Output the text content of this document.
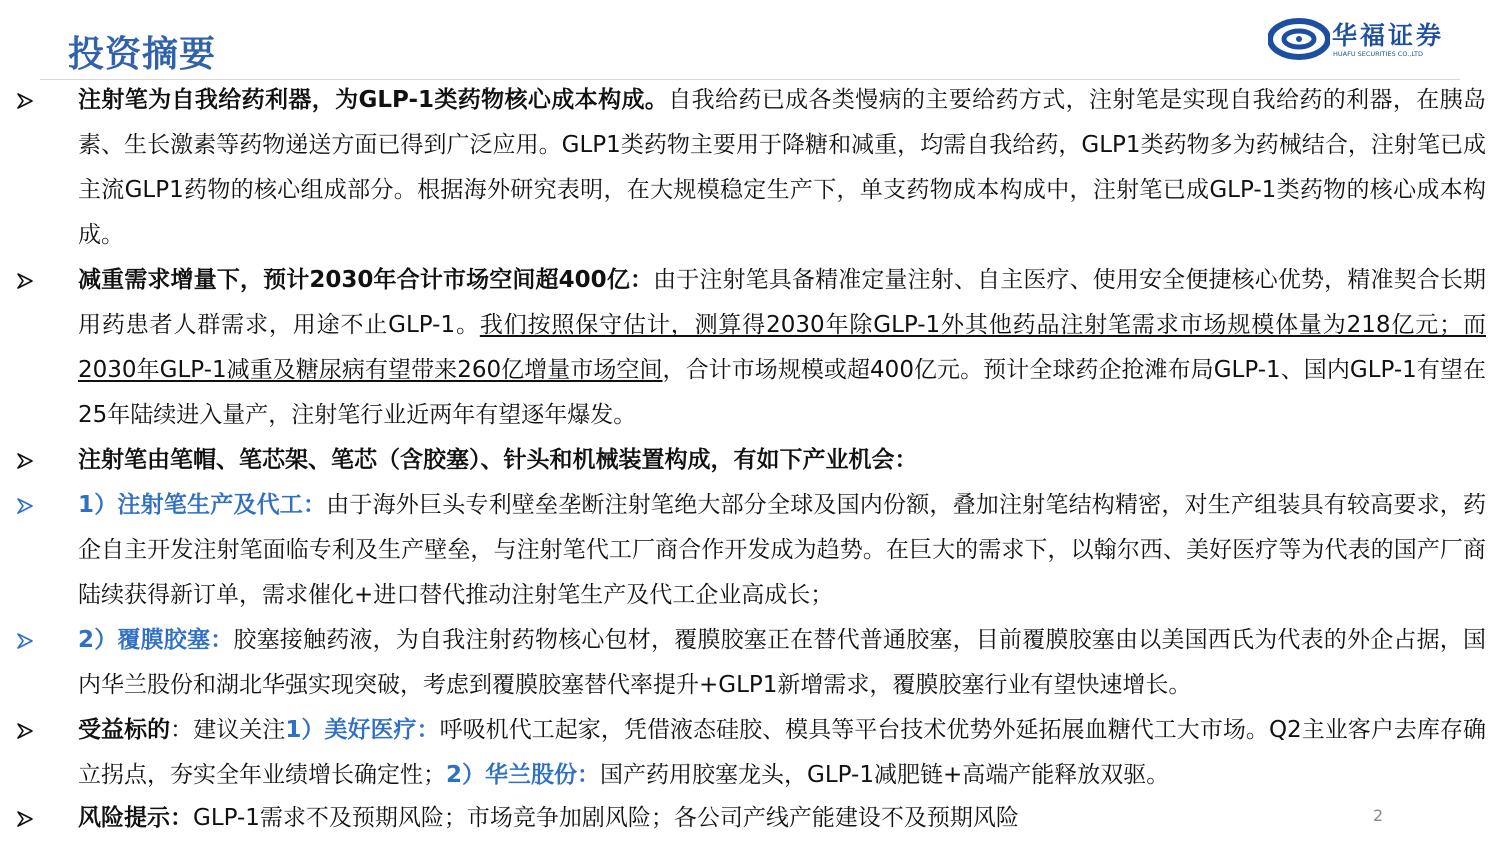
投资摘要	华福证券
HUAFU SECURITIES CO.,LTD

注射笔为自我给药利器，为GLP-1类药物核心成本构成。自我给药已成各类慢病的主要给药方式，注射笔是实现自我给药的利器，在胰岛素、生长激素等药物递送方面已得到广泛应用。GLP1类药物主要用于降糖和减重，均需自我给药，GLP1类药物多为药械结合，注射笔已成主流GLP1药物的核心组成部分。根据海外研究表明，在大规模稳定生产下，单支药物成本构成中，注射笔已成GLP-1类药物的核心成本构成。

减重需求增量下，预计2030年合计市场空间超400亿：由于注射笔具备精准定量注射、自主医疗、使用安全便捷核心优势，精准契合长期用药患者人群需求，用途不止GLP-1。我们按照保守估计，测算得2030年除GLP-1外其他药品注射笔需求市场规模体量为218亿元；而2030年GLP-1减重及糖尿病有望带来260亿增量市场空间，合计市场规模或超400亿元。预计全球药企抢滩布局GLP-1、国内GLP-1有望在25年陆续进入量产，注射笔行业近两年有望逐年爆发。

注射笔由笔帽、笔芯架、笔芯（含胶塞）、针头和机械装置构成，有如下产业机会：

1）注射笔生产及代工：由于海外巨头专利壁垒垄断注射笔绝大部分全球及国内份额，叠加注射笔结构精密，对生产组装具有较高要求，药企自主开发注射笔面临专利及生产壁垒，与注射笔代工厂商合作开发成为趋势。在巨大的需求下，以翰尔西、美好医疗等为代表的国产厂商陆续获得新订单，需求催化+进口替代推动注射笔生产及代工企业高成长；

2）覆膜胶塞：胶塞接触药液，为自我注射药物核心包材，覆膜胶塞正在替代普通胶塞，目前覆膜胶塞由以美国西氏为代表的外企占据，国内华兰股份和湖北华强实现突破，考虑到覆膜胶塞替代率提升+GLP1新增需求，覆膜胶塞行业有望快速增长。

受益标的：建议关注1）美好医疗：呼吸机代工起家，凭借液态硅胶、模具等平台技术优势外延拓展血糖代工大市场。Q2主业客户去库存确立拐点，夯实全年业绩增长确定性；2）华兰股份：国产药用胶塞龙头，GLP-1减肥链+高端产能释放双驱。

风险提示：GLP-1需求不及预期风险；市场竞争加剧风险；各公司产线产能建设不及预期风险	2
